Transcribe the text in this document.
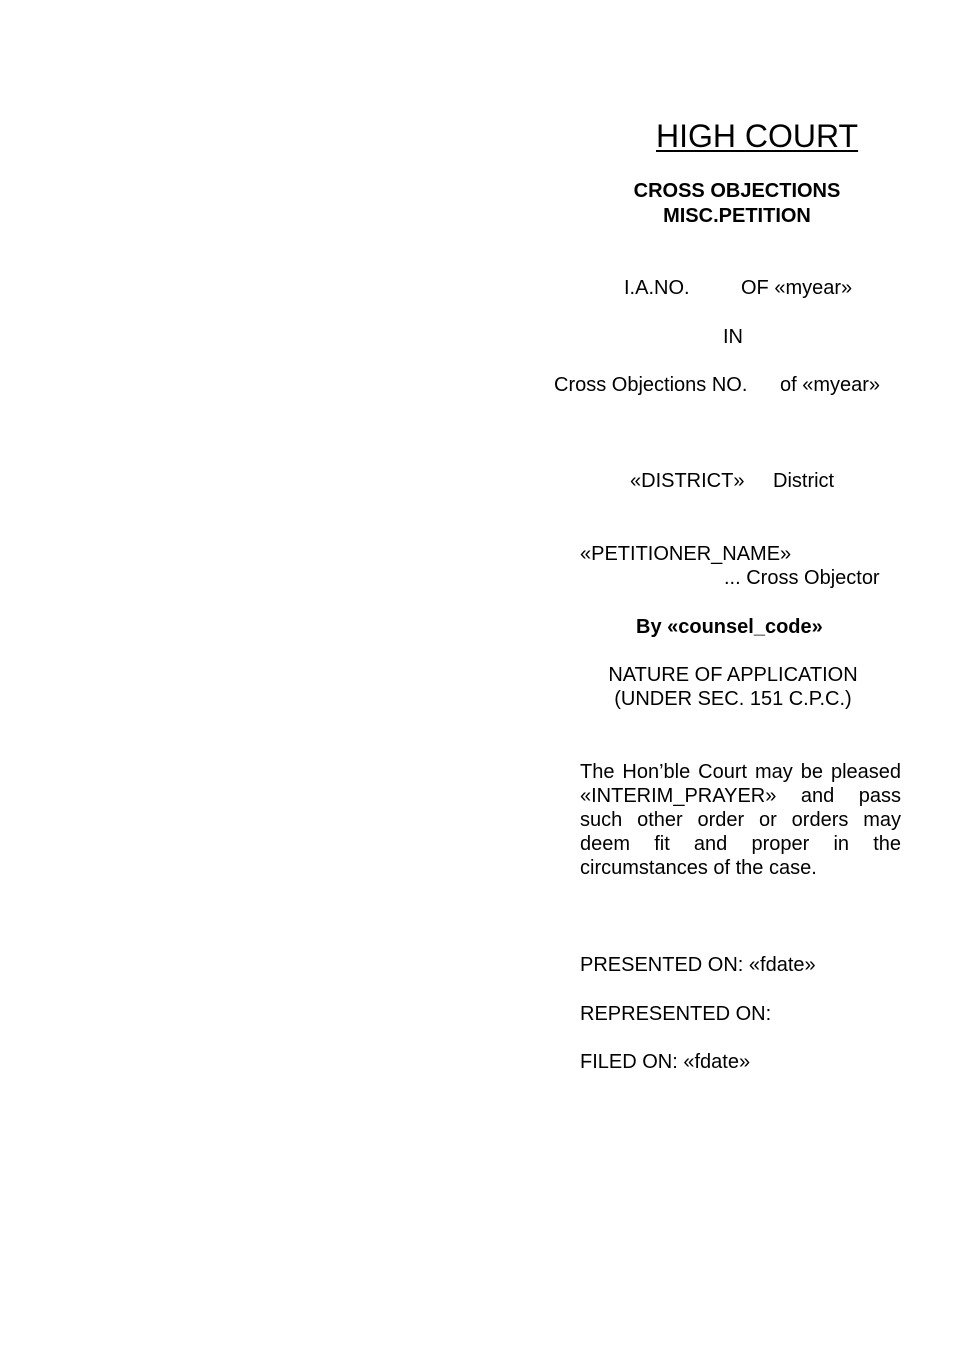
HIGH COURT
CROSS OBJECTIONS
MISC.PETITION
I.A.NO.	OF «myear»
IN
Cross Objections NO. of «myear»
«DISTRICT» District
«PETITIONER_NAME»
... Cross Objector
By «counsel_code»
NATURE OF APPLICATION
(UNDER SEC. 151 C.P.C.)
The Hon’ble Court may be pleased «INTERIM_PRAYER» and pass such other order or orders may deem fit and proper in the circumstances of the case.
PRESENTED ON: «fdate»
REPRESENTED ON:
FILED ON: «fdate»
